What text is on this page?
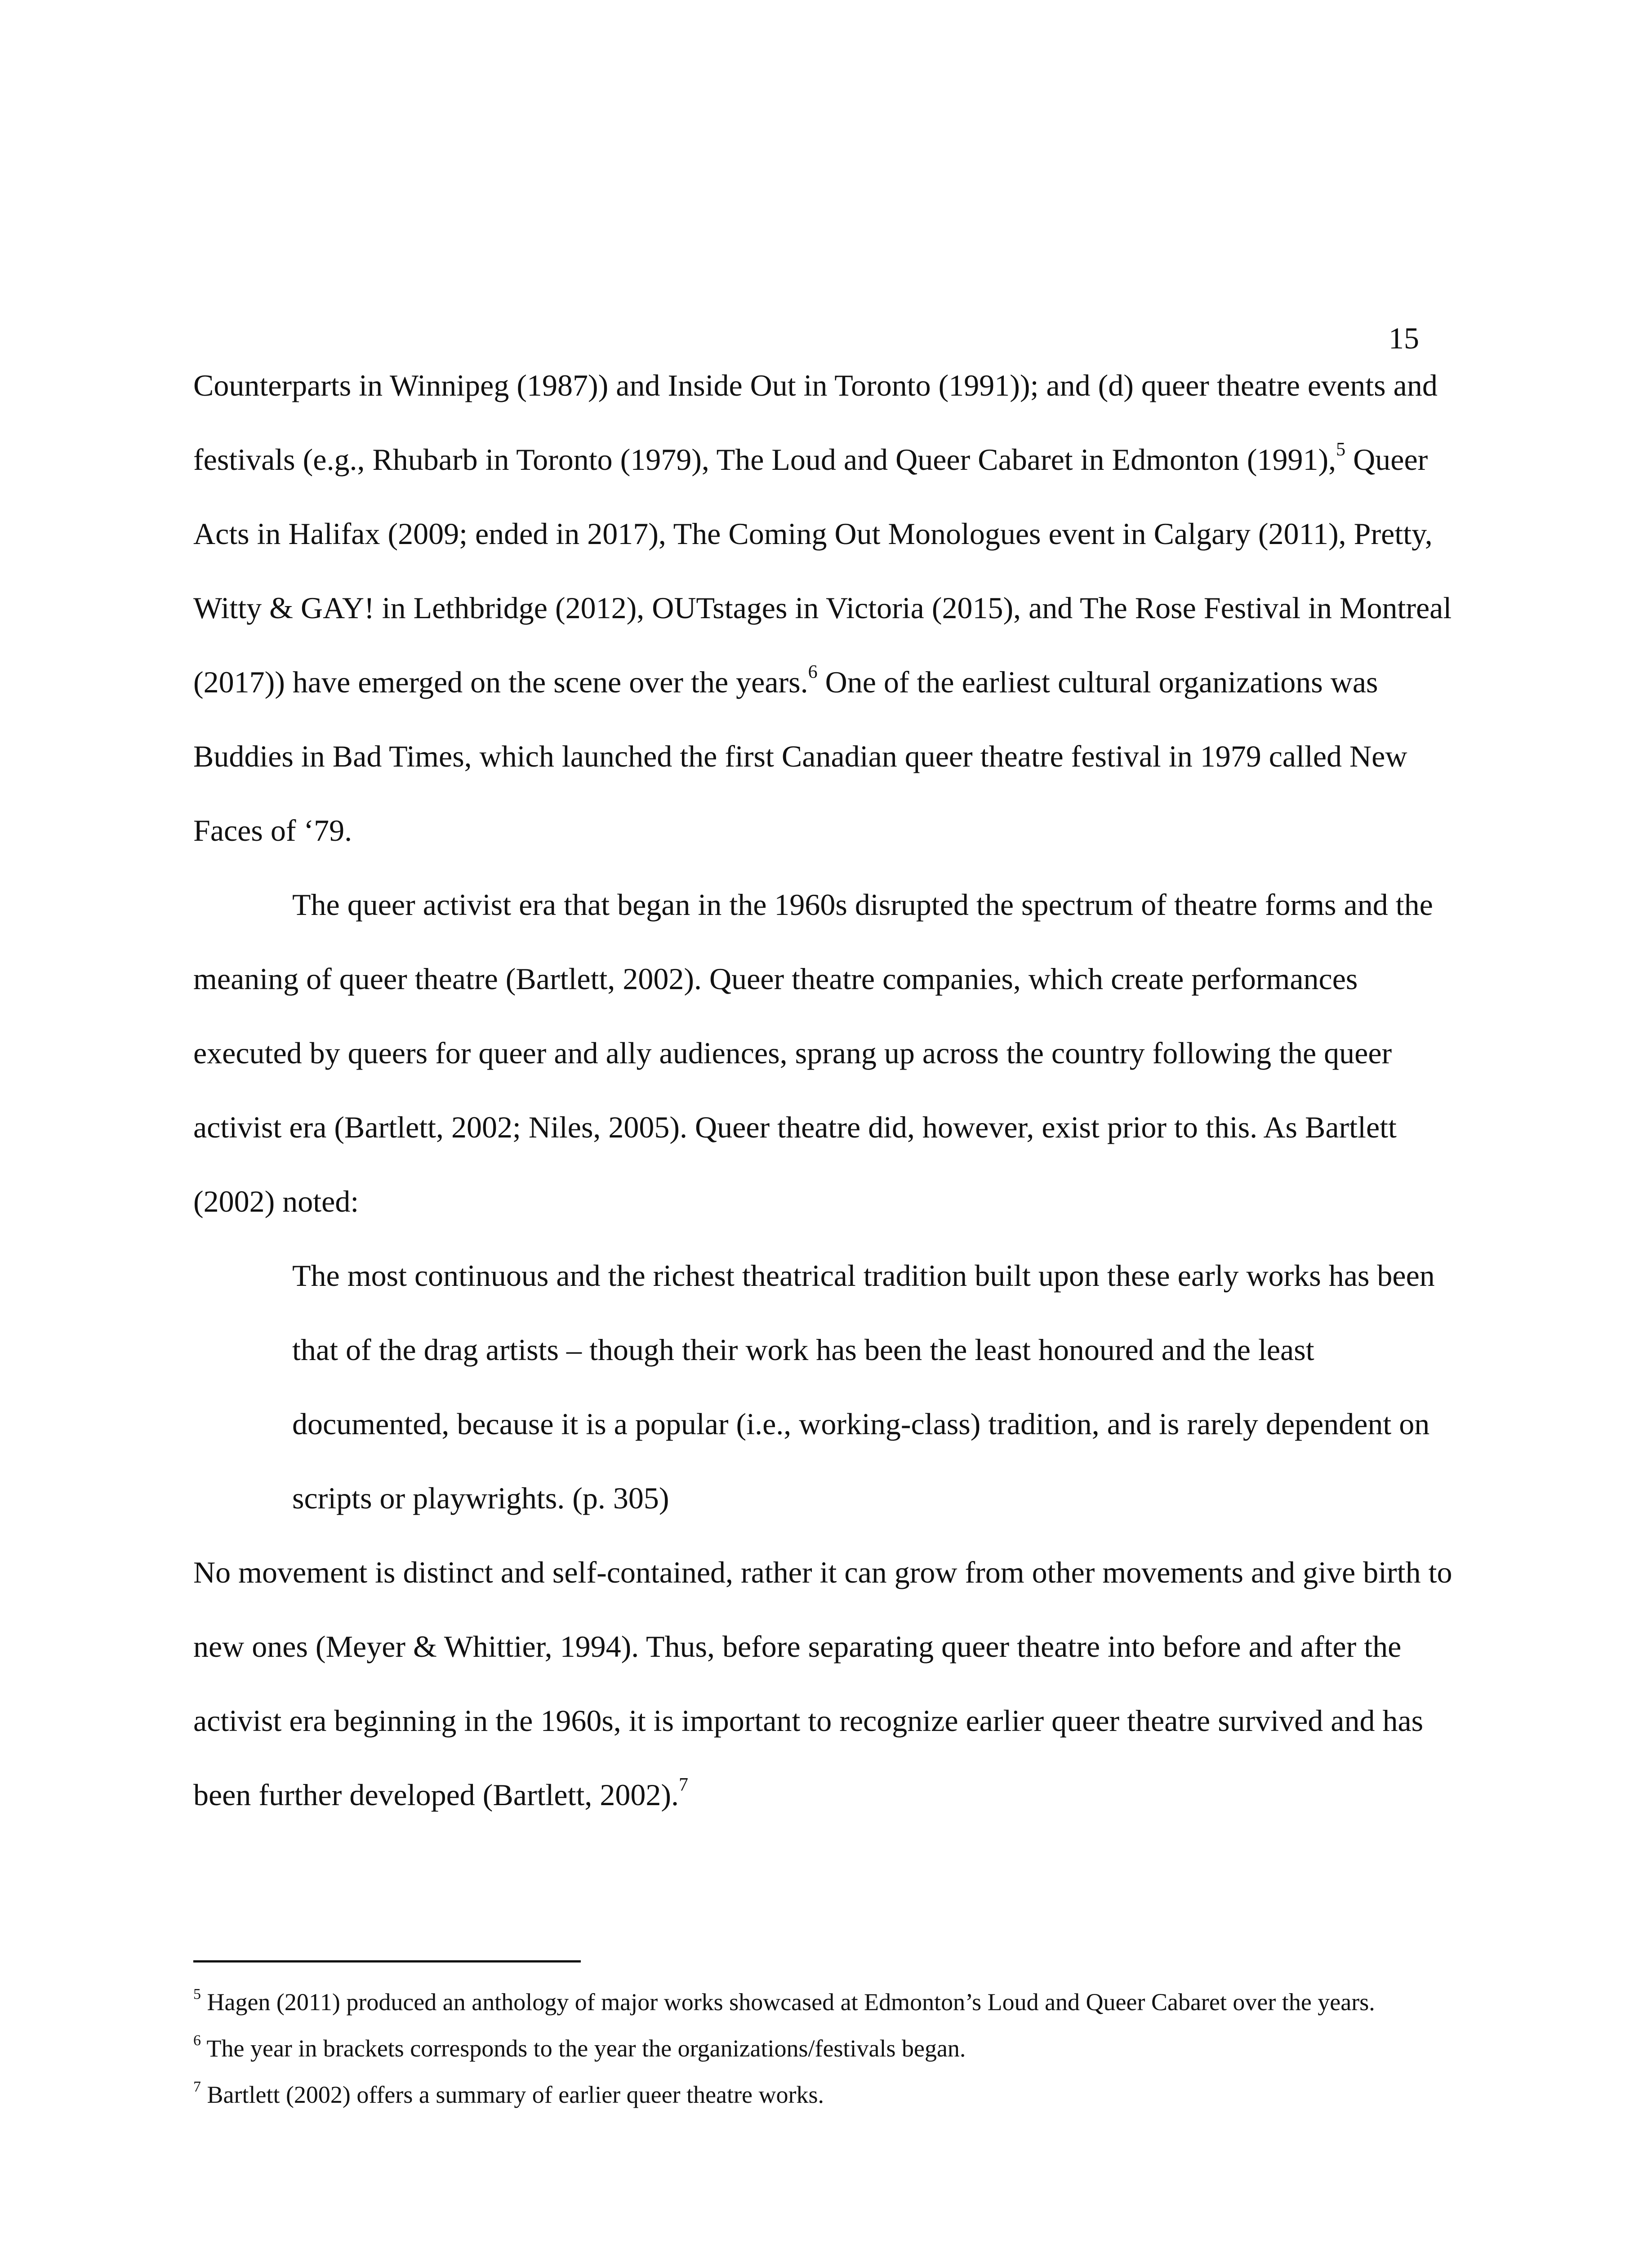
15

Counterparts in Winnipeg (1987)) and Inside Out in Toronto (1991)); and (d) queer theatre events and festivals (e.g., Rhubarb in Toronto (1979), The Loud and Queer Cabaret in Edmonton (1991),$^5$ Queer Acts in Halifax (2009; ended in 2017), The Coming Out Monologues event in Calgary (2011), Pretty, Witty & GAY! in Lethbridge (2012), OUTstages in Victoria (2015), and The Rose Festival in Montreal (2017)) have emerged on the scene over the years.$^6$ One of the earliest cultural organizations was Buddies in Bad Times, which launched the first Canadian queer theatre festival in 1979 called New Faces of ‘79.

The queer activist era that began in the 1960s disrupted the spectrum of theatre forms and the meaning of queer theatre (Bartlett, 2002). Queer theatre companies, which create performances executed by queers for queer and ally audiences, sprang up across the country following the queer activist era (Bartlett, 2002; Niles, 2005). Queer theatre did, however, exist prior to this. As Bartlett (2002) noted:

The most continuous and the richest theatrical tradition built upon these early works has been that of the drag artists – though their work has been the least honoured and the least documented, because it is a popular (i.e., working-class) tradition, and is rarely dependent on scripts or playwrights. (p. 305)

No movement is distinct and self-contained, rather it can grow from other movements and give birth to new ones (Meyer & Whittier, 1994). Thus, before separating queer theatre into before and after the activist era beginning in the 1960s, it is important to recognize earlier queer theatre survived and has been further developed (Bartlett, 2002).$^7$

$^5$ Hagen (2011) produced an anthology of major works showcased at Edmonton’s Loud and Queer Cabaret over the years.

$^6$ The year in brackets corresponds to the year the organizations/festivals began.

$^7$ Bartlett (2002) offers a summary of earlier queer theatre works.
